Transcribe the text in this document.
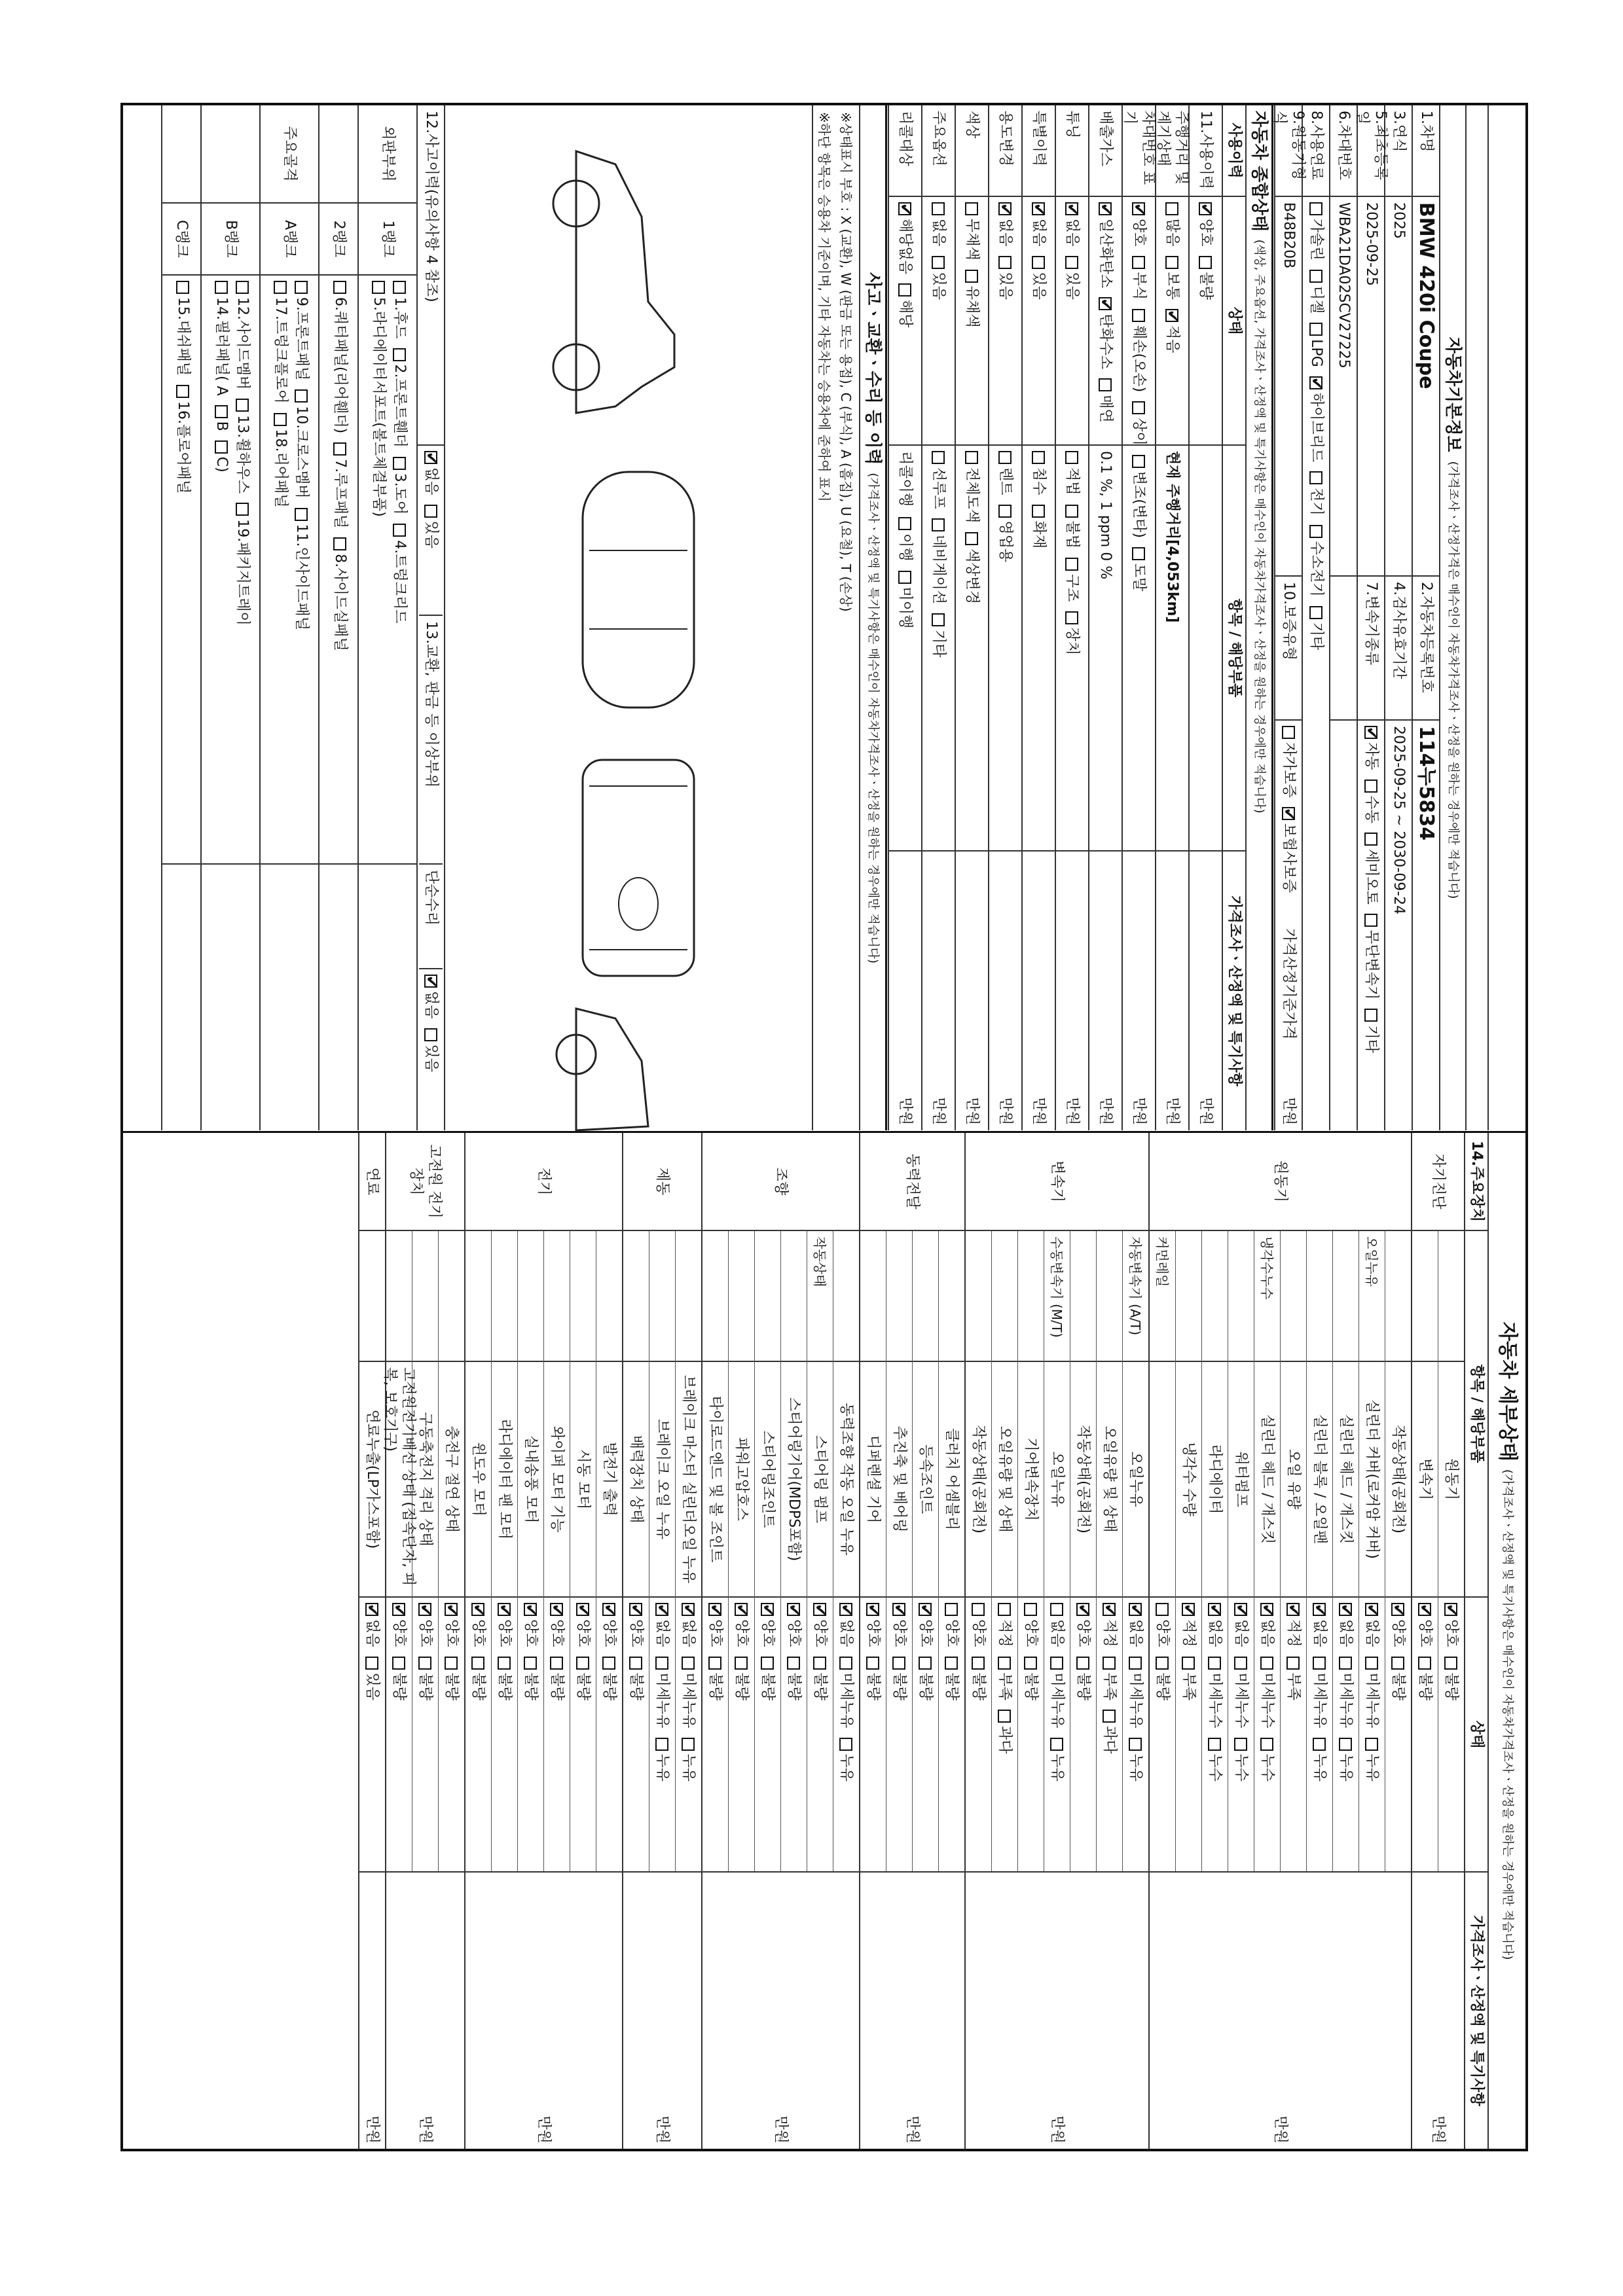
자동차기본정보
(가격조사ㆍ산정가격은 매수인이 자동차가격조사ㆍ산정을 원하는 경우에만 적습니다)
1.차명
BMW 420i Coupe
2.자동차등록번호
114누5834
3.연식
2025
4.검사유효기간
2025-09-25 ~ 2030-09-24
5.최초등록일
2025-09-25
7.변속기종류
✔
자동
수동
세미오토
무단변속기
기타
6.차대번호
WBA21DA02SCV27225
8.사용연료
가솔린
디젤
LPG
✔
하이브리드
전기
수소전기
기타
9.원동기형식
B48B20B
10.보증유형
자가보증
✔
보험사보증
가격산정기준가격
만원
자동차 종합상태
(색상, 주요옵션, 가격조사ㆍ산정액 및 특기사항은 매수인이 자동차가격조사ㆍ산정을 원하는 경우에만 적습니다)
사용이력
상태
항목 / 해당부품
가격조사ㆍ산정액 및 특기사항
11.사용이력
✔
양호
불량
만원
주행거리 및 계기상태
많음
보통
✔
적음
현재 주행거리[4,053km]
만원
차대번호 표기
✔
양호
부식
훼손(오손)
상이
변조(변타)
도말
만원
배출가스
✔
일산화탄소
✔
탄화수소
매연
0.1 %, 1 ppm 0 %
만원
튜닝
✔
없음
있음
적법
불법
구조
장치
만원
특별이력
✔
없음
있음
침수
화재
만원
용도변경
✔
없음
있음
렌트
영업용
만원
색상
무채색
유채색
전체도색
색상변경
만원
주요옵션
없음
있음
선루프
네비게이션
기타
만원
리콜대상
✔
해당없음
해당
리콜이행
이행
미이행
만원
사고ㆍ교환ㆍ수리 등 이력
(가격조사ㆍ산정액 및 특기사항은 매수인이 자동차가격조사ㆍ산정을 원하는 경우에만 적습니다)
※상태표시 부호 : X (교환), W (판금 또는 용접), C (부식), A (흠집), U (요철), T (손상)
※하단 항목은 승용차 기준이며, 기타 자동차는 승용차에 준하여 표시
12.사고이력(유의사항 4 참조)
✔
없음
있음
13.교환, 판금 등 이상부위
단순수리
✔
없음
있음
외판부위
1랭크
1.후드
2.프론트휀더
3.도어
4.트렁크리드
5.라디에이터서포트(볼트체결부품)
2랭크
6.쿼터패널(리어휀더)
7.루프패널
8.사이드실패널
주요골격
A랭크
9.프론트패널
10.크로스멤버
11.인사이드패널
17.트렁크플로어
18.리어패널
B랭크
12.사이드멤버
13.휠하우스
19.패키지트레이
14.필러패널( A
B
C)
C랭크
15.대쉬패널
16.플로어패널
자동차 세부상태
(가격조사ㆍ산정액 및 특기사항은 매수인이 자동차가격조사ㆍ산정을 원하는 경우에만 적습니다)
14.주요장치
항목 / 해당부품
상태
가격조사ㆍ산정액 및 특기사항
자기진단
원동기
✔
양호
불량
변속기
✔
양호
불량
만원
원동기
작동상태(공회전)
✔
양호
불량
오일누유
실린더 커버(로커암 커버)
✔
없음
미세누유
누유
실린더 헤드 / 개스킷
✔
없음
미세누유
누유
실린더 블록 / 오일팬
✔
없음
미세누유
누유
오일 유량
✔
적정
부족
냉각수누수
실린더 헤드 / 개스킷
✔
없음
미세누수
누수
워터펌프
✔
없음
미세누수
누수
라디에이터
✔
없음
미세누수
누수
냉각수 수량
✔
적정
부족
커먼레일
양호
불량
만원
변속기
자동변속기 (A/T)
오일누유
✔
없음
미세누유
누유
오일유량 및 상태
✔
적정
부족
과다
작동상태(공회전)
✔
양호
불량
수동변속기 (M/T)
오일누유
없음
미세누유
누유
기어변속장치
양호
불량
오일유량 및 상태
적정
부족
과다
작동상태(공회전)
양호
불량
만원
동력전달
클러치 어셈블리
양호
불량
등속조인트
✔
양호
불량
추진축 및 베어링
✔
양호
불량
디퍼렌셜 기어
✔
양호
불량
만원
조향
동력조향 작동 오일 누유
✔
없음
미세누유
누유
작동상태
스티어링 펌프
✔
양호
불량
스티어링기어(MDPS포함)
✔
양호
불량
스티어링조인트
✔
양호
불량
파워고압호스
✔
양호
불량
타이로드엔드 및 볼 조인트
✔
양호
불량
만원
제동
브레이크 마스터 실린더오일 누유
✔
없음
미세누유
누유
브레이크 오일 누유
✔
없음
미세누유
누유
배력장치 상태
✔
양호
불량
만원
전기
발전기 출력
✔
양호
불량
시동 모터
✔
양호
불량
와이퍼 모터 기능
✔
양호
불량
실내송풍 모터
✔
양호
불량
라디에이터 팬 모터
✔
양호
불량
윈도우 모터
✔
양호
불량
만원
고전원 전기장치
충전구 절연 상태
✔
양호
불량
구동축전지 격리 상태
✔
양호
불량
고전원전기배선 상태 (접속단자, 피복, 보호기구)
✔
양호
불량
만원
연료
연료누출(LP가스포함)
✔
없음
있음
만원
